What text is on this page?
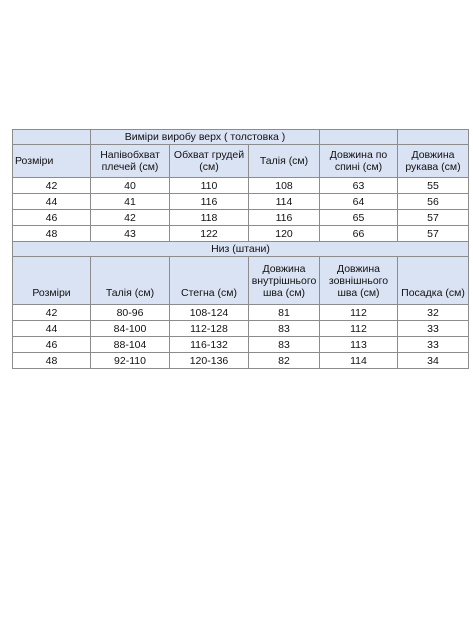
	Виміри виробу верх ( толстовка )				
Розміри	Напівобхват плечей (см)	Обхват грудей (см)	Талія (см)	Довжина по спині (см)	Довжина рукава (см)
42	40	110	108	63	55
44	41	116	114	64	56
46	42	118	116	65	57
48	43	122	120	66	57
Низ (штани)					
Розміри	Талія (см)	Стегна (см)	Довжина внутрішнього шва (см)	Довжина зовнішнього шва (см)	Посадка (см)
42	80-96	108-124	81	112	32
44	84-100	112-128	83	112	33
46	88-104	116-132	83	113	33
48	92-110	120-136	82	114	34
